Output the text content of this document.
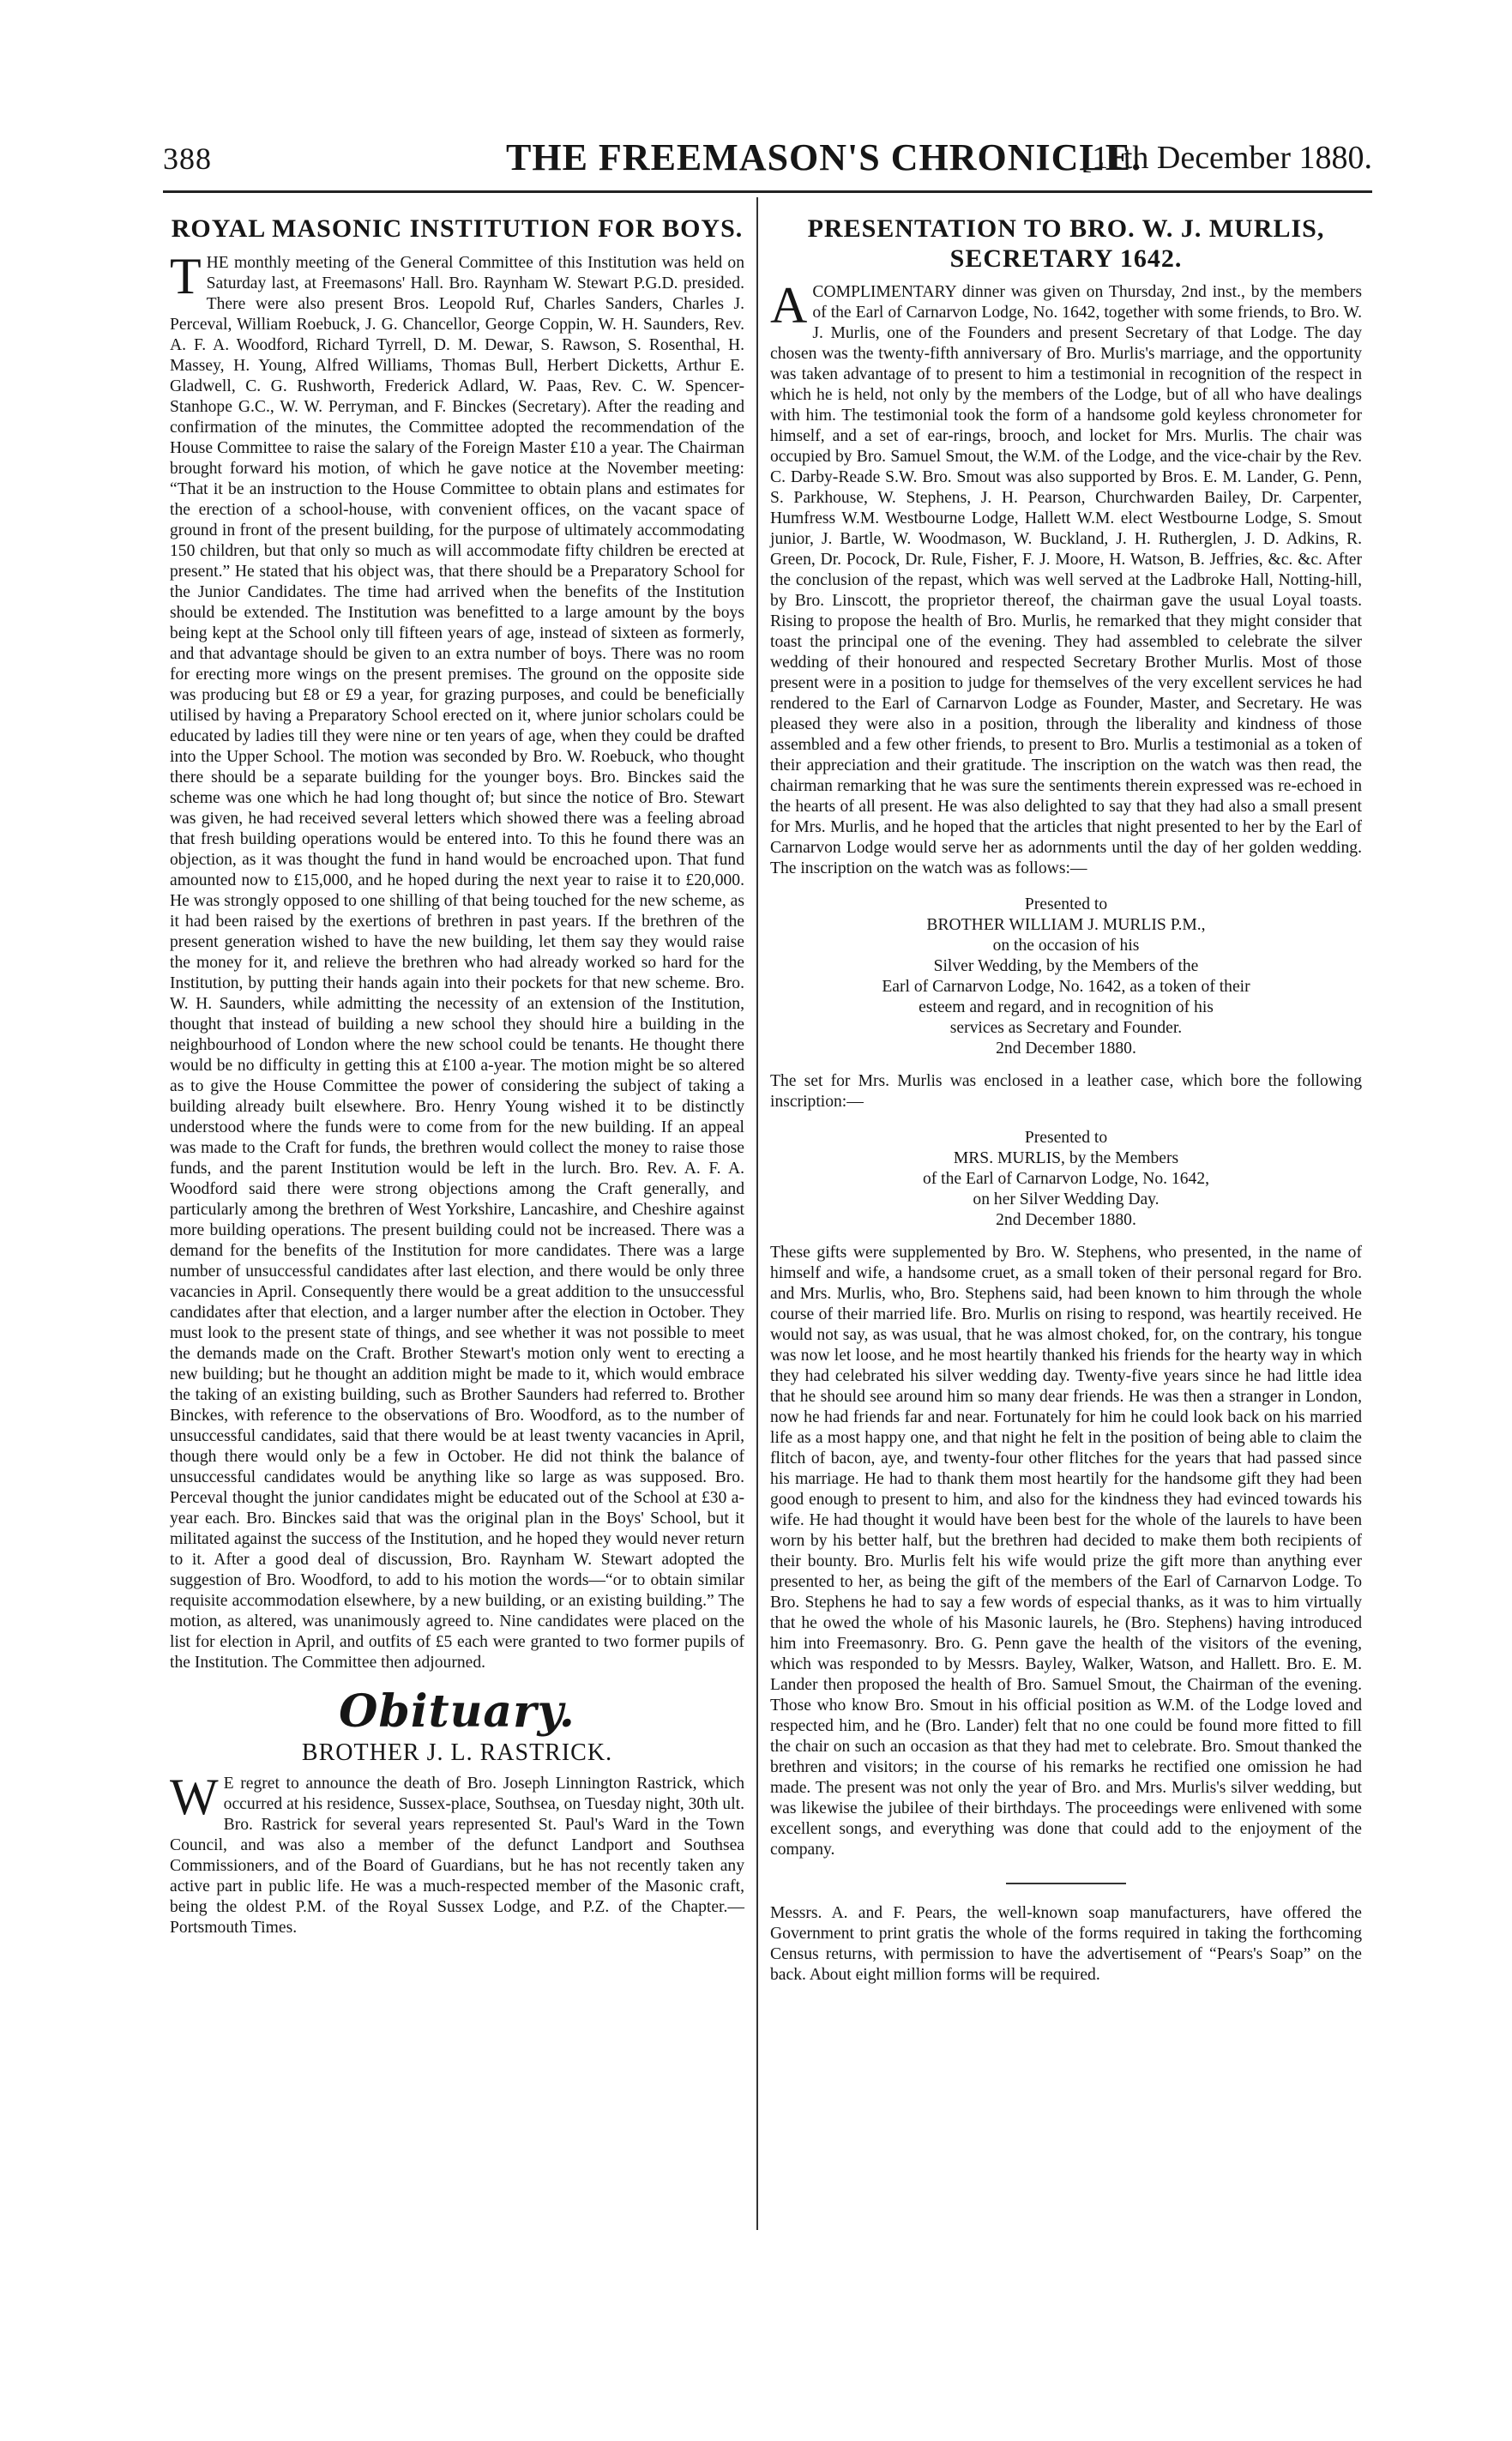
388	THE FREEMASON'S CHRONICLE.
[11th December 1880.
ROYAL MASONIC INSTITUTION FOR BOYS.

THE monthly meeting of the General Committee of this Institution was held on Saturday last, at Freemasons' Hall. Bro. Raynham W. Stewart P.G.D. presided. There were also present Bros. Leopold Ruf, Charles Sanders, Charles J. Perceval, William Roebuck, J. G. Chancellor, George Coppin, W. H. Saunders, Rev. A. F. A. Woodford, Richard Tyrrell, D. M. Dewar, S. Rawson, S. Rosenthal, H. Massey, H. Young, Alfred Williams, Thomas Bull, Herbert Dicketts, Arthur E. Gladwell, C. G. Rushworth, Frederick Adlard, W. Paas, Rev. C. W. Spencer-Stanhope G.C., W. W. Perryman, and F. Binckes (Secretary). After the reading and confirmation of the minutes, the Committee adopted the recommendation of the House Committee to raise the salary of the Foreign Master £10 a year. The Chairman brought forward his motion, of which he gave notice at the November meeting: “That it be an instruction to the House Committee to obtain plans and estimates for the erection of a school-house, with convenient offices, on the vacant space of ground in front of the present building, for the purpose of ultimately accommodating 150 children, but that only so much as will accommodate fifty children be erected at present.” He stated that his object was, that there should be a Preparatory School for the Junior Candidates. The time had arrived when the benefits of the Institution should be extended. The Institution was benefitted to a large amount by the boys being kept at the School only till fifteen years of age, instead of sixteen as formerly, and that advantage should be given to an extra number of boys. There was no room for erecting more wings on the present premises. The ground on the opposite side was producing but £8 or £9 a year, for grazing purposes, and could be beneficially utilised by having a Preparatory School erected on it, where junior scholars could be educated by ladies till they were nine or ten years of age, when they could be drafted into the Upper School. The motion was seconded by Bro. W. Roebuck, who thought there should be a separate building for the younger boys. Bro. Binckes said the scheme was one which he had long thought of; but since the notice of Bro. Stewart was given, he had received several letters which showed there was a feeling abroad that fresh building operations would be entered into. To this he found there was an objection, as it was thought the fund in hand would be encroached upon. That fund amounted now to £15,000, and he hoped during the next year to raise it to £20,000. He was strongly opposed to one shilling of that being touched for the new scheme, as it had been raised by the exertions of brethren in past years. If the brethren of the present generation wished to have the new building, let them say they would raise the money for it, and relieve the brethren who had already worked so hard for the Institution, by putting their hands again into their pockets for that new scheme. Bro. W. H. Saunders, while admitting the necessity of an extension of the Institution, thought that instead of building a new school they should hire a building in the neighbourhood of London where the new school could be tenants. He thought there would be no difficulty in getting this at £100 a-year. The motion might be so altered as to give the House Committee the power of considering the subject of taking a building already built elsewhere. Bro. Henry Young wished it to be distinctly understood where the funds were to come from for the new building. If an appeal was made to the Craft for funds, the brethren would collect the money to raise those funds, and the parent Institution would be left in the lurch. Bro. Rev. A. F. A. Woodford said there were strong objections among the Craft generally, and particularly among the brethren of West Yorkshire, Lancashire, and Cheshire against more building operations. The present building could not be increased. There was a demand for the benefits of the Institution for more candidates. There was a large number of unsuccessful candidates after last election, and there would be only three vacancies in April. Consequently there would be a great addition to the unsuccessful candidates after that election, and a larger number after the election in October. They must look to the present state of things, and see whether it was not possible to meet the demands made on the Craft. Brother Stewart's motion only went to erecting a new building; but he thought an addition might be made to it, which would embrace the taking of an existing building, such as Brother Saunders had referred to. Brother Binckes, with reference to the observations of Bro. Woodford, as to the number of unsuccessful candidates, said that there would be at least twenty vacancies in April, though there would only be a few in October. He did not think the balance of unsuccessful candidates would be anything like so large as was supposed. Bro. Perceval thought the junior candidates might be educated out of the School at £30 a-year each. Bro. Binckes said that was the original plan in the Boys' School, but it militated against the success of the Institution, and he hoped they would never return to it. After a good deal of discussion, Bro. Raynham W. Stewart adopted the suggestion of Bro. Woodford, to add to his motion the words—“or to obtain similar requisite accommodation elsewhere, by a new building, or an existing building.” The motion, as altered, was unanimously agreed to. Nine candidates were placed on the list for election in April, and outfits of £5 each were granted to two former pupils of the Institution. The Committee then adjourned.

Obituary.
BROTHER J. L. RASTRICK.

W E regret to announce the death of Bro. Joseph Linnington Rastrick, which occurred at his residence, Sussex-place, Southsea, on Tuesday night, 30th ult. Bro. Rastrick for several years represented St. Paul's Ward in the Town Council, and was also a member of the defunct Landport and Southsea Commissioners, and of the Board of Guardians, but he has not recently taken any active part in public life. He was a much-respected member of the Masonic craft, being the oldest P.M. of the Royal Sussex Lodge, and P.Z. of the Chapter.—Portsmouth Times.

PRESENTATION TO BRO. W. J. MURLIS,
SECRETARY 1642.

ACOMPLIMENTARY dinner was given on Thursday, 2nd inst., by the members of the Earl of Carnarvon Lodge, No. 1642, together with some friends, to Bro. W. J. Murlis, one of the Founders and present Secretary of that Lodge. The day chosen was the twenty-fifth anniversary of Bro. Murlis's marriage, and the opportunity was taken advantage of to present to him a testimonial in recognition of the respect in which he is held, not only by the members of the Lodge, but of all who have dealings with him. The testimonial took the form of a handsome gold keyless chronometer for himself, and a set of ear-rings, brooch, and locket for Mrs. Murlis. The chair was occupied by Bro. Samuel Smout, the W.M. of the Lodge, and the vice-chair by the Rev. C. Darby-Reade S.W. Bro. Smout was also supported by Bros. E. M. Lander, G. Penn, S. Parkhouse, W. Stephens, J. H. Pearson, Churchwarden Bailey, Dr. Carpenter, Humfress W.M. Westbourne Lodge, Hallett W.M. elect Westbourne Lodge, S. Smout junior, J. Bartle, W. Woodmason, W. Buckland, J. H. Rutherglen, J. D. Adkins, R. Green, Dr. Pocock, Dr. Rule, Fisher, F. J. Moore, H. Watson, B. Jeffries, &c. &c. After the conclusion of the repast, which was well served at the Ladbroke Hall, Notting-hill, by Bro. Linscott, the proprietor thereof, the chairman gave the usual Loyal toasts. Rising to propose the health of Bro. Murlis, he remarked that they might consider that toast the principal one of the evening. They had assembled to celebrate the silver wedding of their honoured and respected Secretary Brother Murlis. Most of those present were in a position to judge for themselves of the very excellent services he had rendered to the Earl of Carnarvon Lodge as Founder, Master, and Secretary. He was pleased they were also in a position, through the liberality and kindness of those assembled and a few other friends, to present to Bro. Murlis a testimonial as a token of their appreciation and their gratitude. The inscription on the watch was then read, the chairman remarking that he was sure the sentiments therein expressed was re-echoed in the hearts of all present. He was also delighted to say that they had also a small present for Mrs. Murlis, and he hoped that the articles that night presented to her by the Earl of Carnarvon Lodge would serve her as adornments until the day of her golden wedding. The inscription on the watch was as follows:—

Presented to
BROTHER WILLIAM J. MURLIS P.M.,
on the occasion of his
Silver Wedding, by the Members of the
Earl of Carnarvon Lodge, No. 1642, as a token of their
esteem and regard, and in recognition of his
services as Secretary and Founder.
2nd December 1880.

The set for Mrs. Murlis was enclosed in a leather case, which bore the following inscription:—

Presented to
MRS. MURLIS, by the Members
of the Earl of Carnarvon Lodge, No. 1642,
on her Silver Wedding Day.
2nd December 1880.

These gifts were supplemented by Bro. W. Stephens, who presented, in the name of himself and wife, a handsome cruet, as a small token of their personal regard for Bro. and Mrs. Murlis, who, Bro. Stephens said, had been known to him through the whole course of their married life. Bro. Murlis on rising to respond, was heartily received. He would not say, as was usual, that he was almost choked, for, on the contrary, his tongue was now let loose, and he most heartily thanked his friends for the hearty way in which they had celebrated his silver wedding day. Twenty-five years since he had little idea that he should see around him so many dear friends. He was then a stranger in London, now he had friends far and near. Fortunately for him he could look back on his married life as a most happy one, and that night he felt in the position of being able to claim the flitch of bacon, aye, and twenty-four other flitches for the years that had passed since his marriage. He had to thank them most heartily for the handsome gift they had been good enough to present to him, and also for the kindness they had evinced towards his wife. He had thought it would have been best for the whole of the laurels to have been worn by his better half, but the brethren had decided to make them both recipients of their bounty. Bro. Murlis felt his wife would prize the gift more than anything ever presented to her, as being the gift of the members of the Earl of Carnarvon Lodge. To Bro. Stephens he had to say a few words of especial thanks, as it was to him virtually that he owed the whole of his Masonic laurels, he (Bro. Stephens) having introduced him into Freemasonry. Bro. G. Penn gave the health of the visitors of the evening, which was responded to by Messrs. Bayley, Walker, Watson, and Hallett. Bro. E. M. Lander then proposed the health of Bro. Samuel Smout, the Chairman of the evening. Those who know Bro. Smout in his official position as W.M. of the Lodge loved and respected him, and he (Bro. Lander) felt that no one could be found more fitted to fill the chair on such an occasion as that they had met to celebrate. Bro. Smout thanked the brethren and visitors; in the course of his remarks he rectified one omission he had made. The present was not only the year of Bro. and Mrs. Murlis's silver wedding, but was likewise the jubilee of their birthdays. The proceedings were enlivened with some excellent songs, and everything was done that could add to the enjoyment of the company.

Messrs. A. and F. Pears, the well-known soap manufacturers, have offered the Government to print gratis the whole of the forms required in taking the forthcoming Census returns, with permission to have the advertisement of “Pears's Soap” on the back. About eight million forms will be required.
